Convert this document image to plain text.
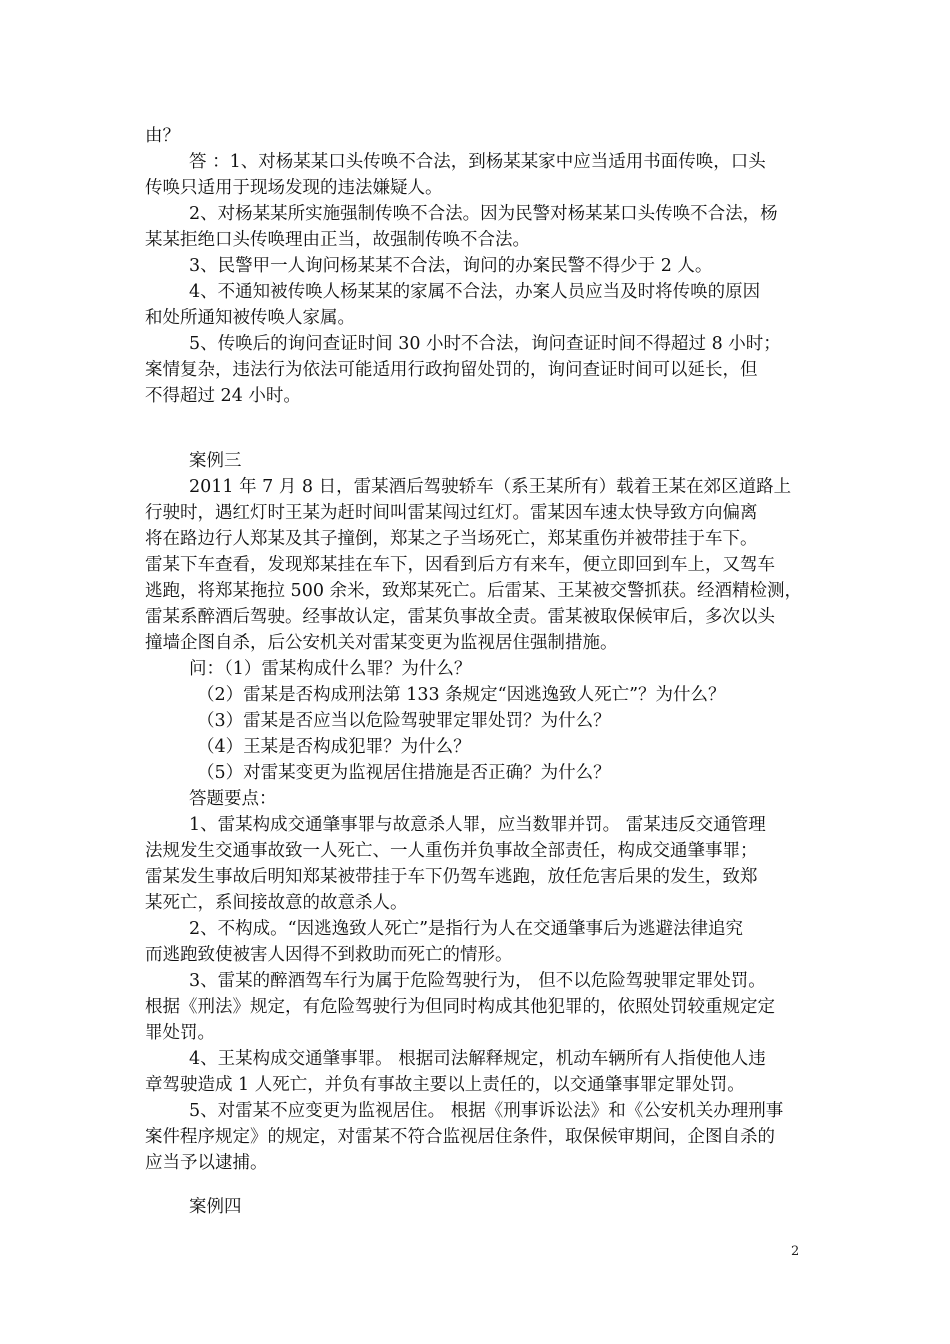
由？
答 ：1、对杨某某口头传唤不合法，到杨某某家中应当适用书面传唤，口头
传唤只适用于现场发现的违法嫌疑人。
2、对杨某某所实施强制传唤不合法。因为民警对杨某某口头传唤不合法，杨
某某拒绝口头传唤理由正当，故强制传唤不合法。
3、民警甲一人询问杨某某不合法，询问的办案民警不得少于 2 人。
4、不通知被传唤人杨某某的家属不合法，办案人员应当及时将传唤的原因
和处所通知被传唤人家属。
5、传唤后的询问查证时间 30 小时不合法，询问查证时间不得超过 8 小时；
案情复杂，违法行为依法可能适用行政拘留处罚的，询问查证时间可以延长，但
不得超过 24 小时。
案例三
2011 年 7 月 8 日，雷某酒后驾驶轿车（系王某所有）载着王某在郊区道路上
行驶时，遇红灯时王某为赶时间叫雷某闯过红灯。雷某因车速太快导致方向偏离
将在路边行人郑某及其子撞倒，郑某之子当场死亡，郑某重伤并被带挂于车下。
雷某下车查看，发现郑某挂在车下，因看到后方有来车，便立即回到车上，又驾车
逃跑，将郑某拖拉 500 余米，致郑某死亡。后雷某、王某被交警抓获。经酒精检测，
雷某系醉酒后驾驶。经事故认定，雷某负事故全责。雷某被取保候审后，多次以头
撞墙企图自杀，后公安机关对雷某变更为监视居住强制措施。
问：（1）雷某构成什么罪？为什么？
（2）雷某是否构成刑法第 133 条规定“因逃逸致人死亡”？为什么？
（3）雷某是否应当以危险驾驶罪定罪处罚？为什么？
（4）王某是否构成犯罪？为什么？
（5）对雷某变更为监视居住措施是否正确？为什么？
答题要点：
1、雷某构成交通肇事罪与故意杀人罪，应当数罪并罚。 雷某违反交通管理
法规发生交通事故致一人死亡、一人重伤并负事故全部责任，构成交通肇事罪；
雷某发生事故后明知郑某被带挂于车下仍驾车逃跑，放任危害后果的发生，致郑
某死亡，系间接故意的故意杀人。
2、不构成。“因逃逸致人死亡”是指行为人在交通肇事后为逃避法律追究
而逃跑致使被害人因得不到救助而死亡的情形。
3、雷某的醉酒驾车行为属于危险驾驶行为， 但不以危险驾驶罪定罪处罚。
根据《刑法》规定，有危险驾驶行为但同时构成其他犯罪的，依照处罚较重规定定
罪处罚。
4、王某构成交通肇事罪。 根据司法解释规定，机动车辆所有人指使他人违
章驾驶造成 1 人死亡，并负有事故主要以上责任的，以交通肇事罪定罪处罚。
5、对雷某不应变更为监视居住。 根据《刑事诉讼法》和《公安机关办理刑事
案件程序规定》的规定，对雷某不符合监视居住条件，取保候审期间，企图自杀的
应当予以逮捕。
案例四
2
